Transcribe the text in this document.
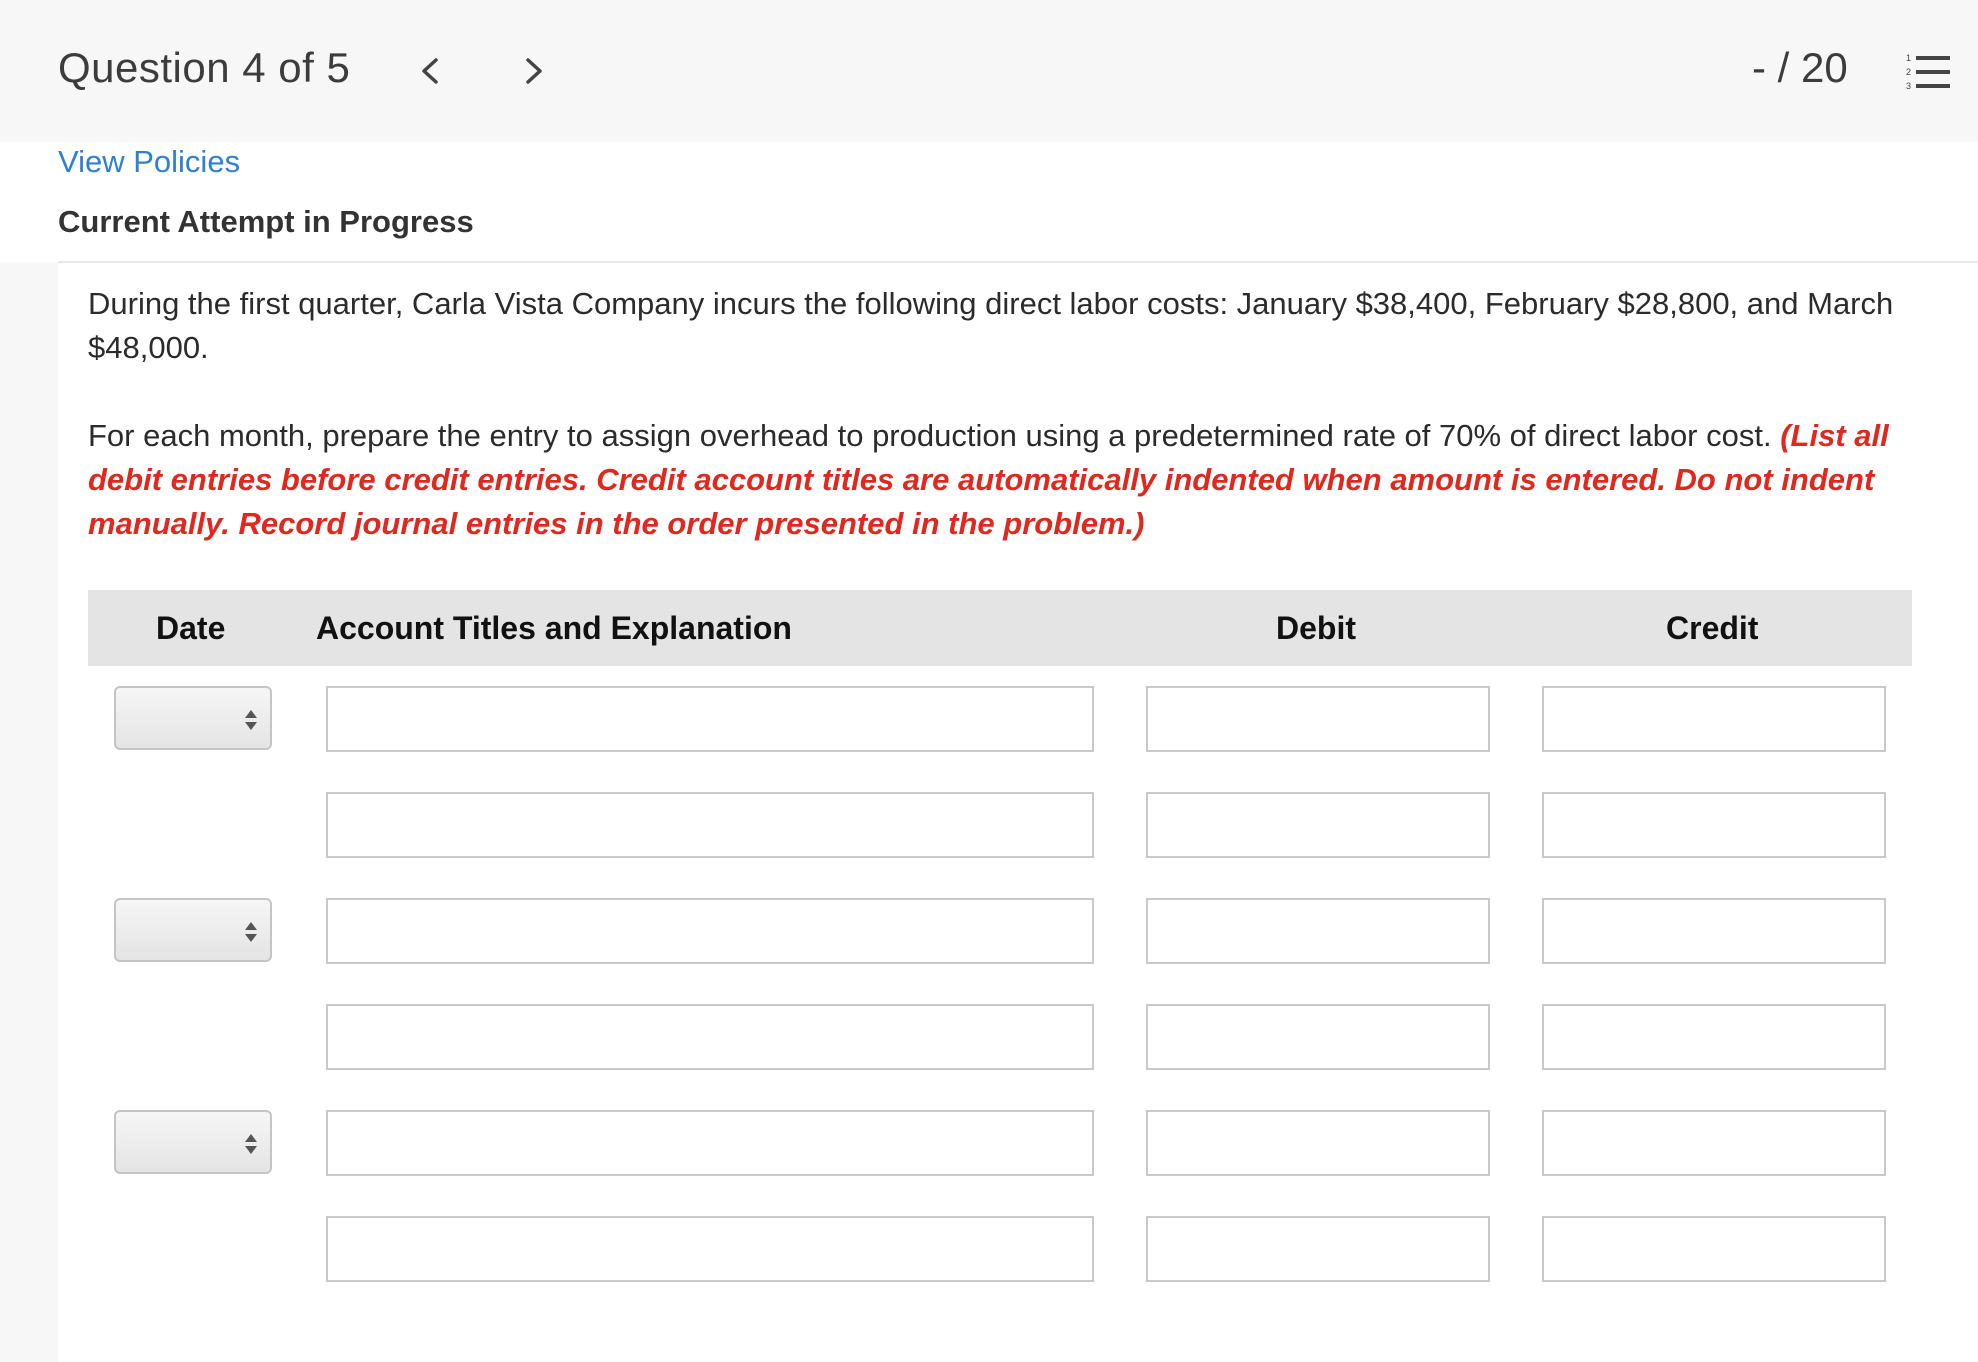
Question 4 of 5	- / 20	1
2
3
View Policies
Current Attempt in Progress

During the first quarter, Carla Vista Company incurs the following direct labor costs: January $38,400, February $28,800, and March $48,000.

For each month, prepare the entry to assign overhead to production using a predetermined rate of 70% of direct labor cost. (List all debit entries before credit entries. Credit account titles are automatically indented when amount is entered. Do not indent manually. Record journal entries in the order presented in the problem.)

Date	Account Titles and Explanation	Debit	Credit
